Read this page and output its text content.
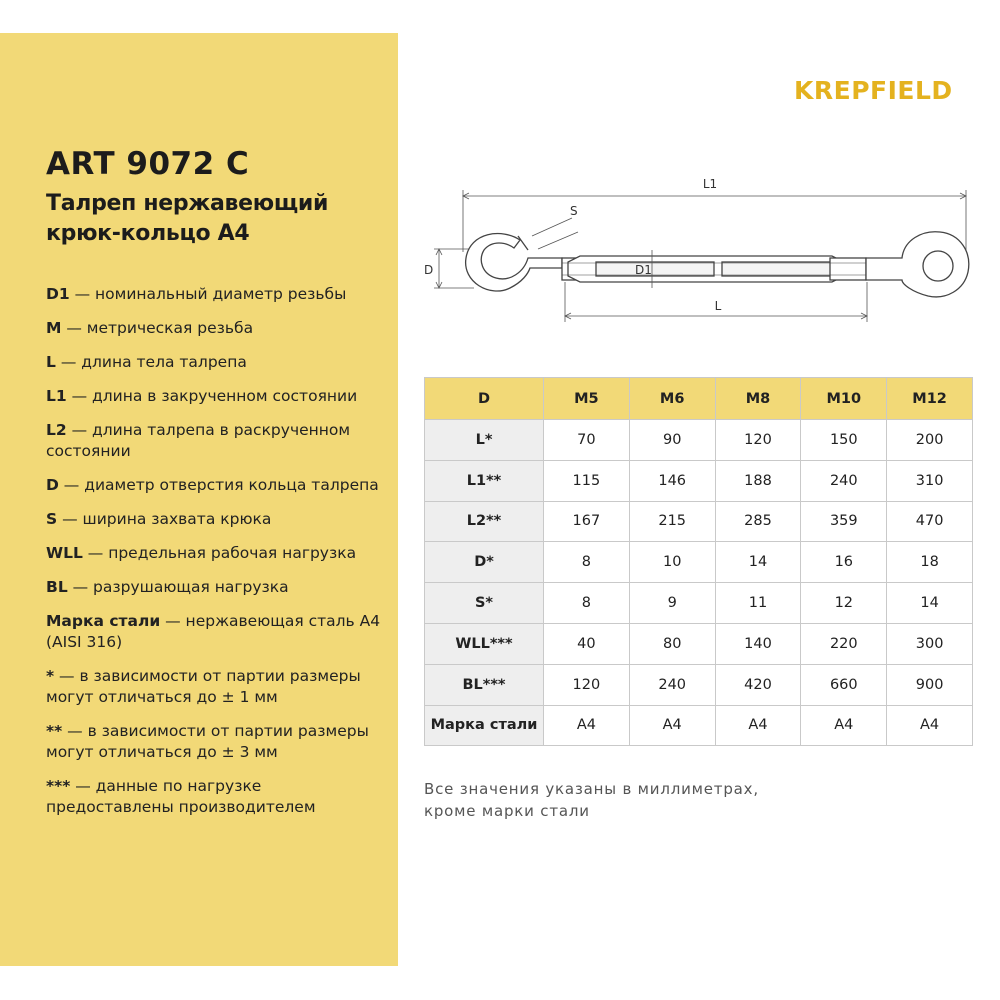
ART 9072 C
Талреп нержавеющий
крюк-кольцо А4
D1 — номинальный диаметр резьбы
M — метрическая резьба
L — длина тела талрепа
L1 — длина в закрученном состоянии
L2 — длина талрепа в раскрученном состоянии
D — диаметр отверстия кольца талрепа
S — ширина захвата крюка
WLL — предельная рабочая нагрузка
BL — разрушающая нагрузка
Марка стали — нержавеющая сталь А4 (AISI 316)
* — в зависимости от партии размеры могут отличаться до ± 1 мм
** — в зависимости от партии размеры могут отличаться до ± 3 мм
*** — данные по нагрузке предоставлены производителем
KREPFIELD
L1
D
S
D1
L
D	M5	M6	M8	M10	M12
L*	70	90	120	150	200
L1**	115	146	188	240	310
L2**	167	215	285	359	470
D*	8	10	14	16	18
S*	8	9	11	12	14
WLL***	40	80	140	220	300
BL***	120	240	420	660	900
Марка стали	A4	A4	A4	A4	A4
Все значения указаны в миллиметрах,
кроме марки стали
